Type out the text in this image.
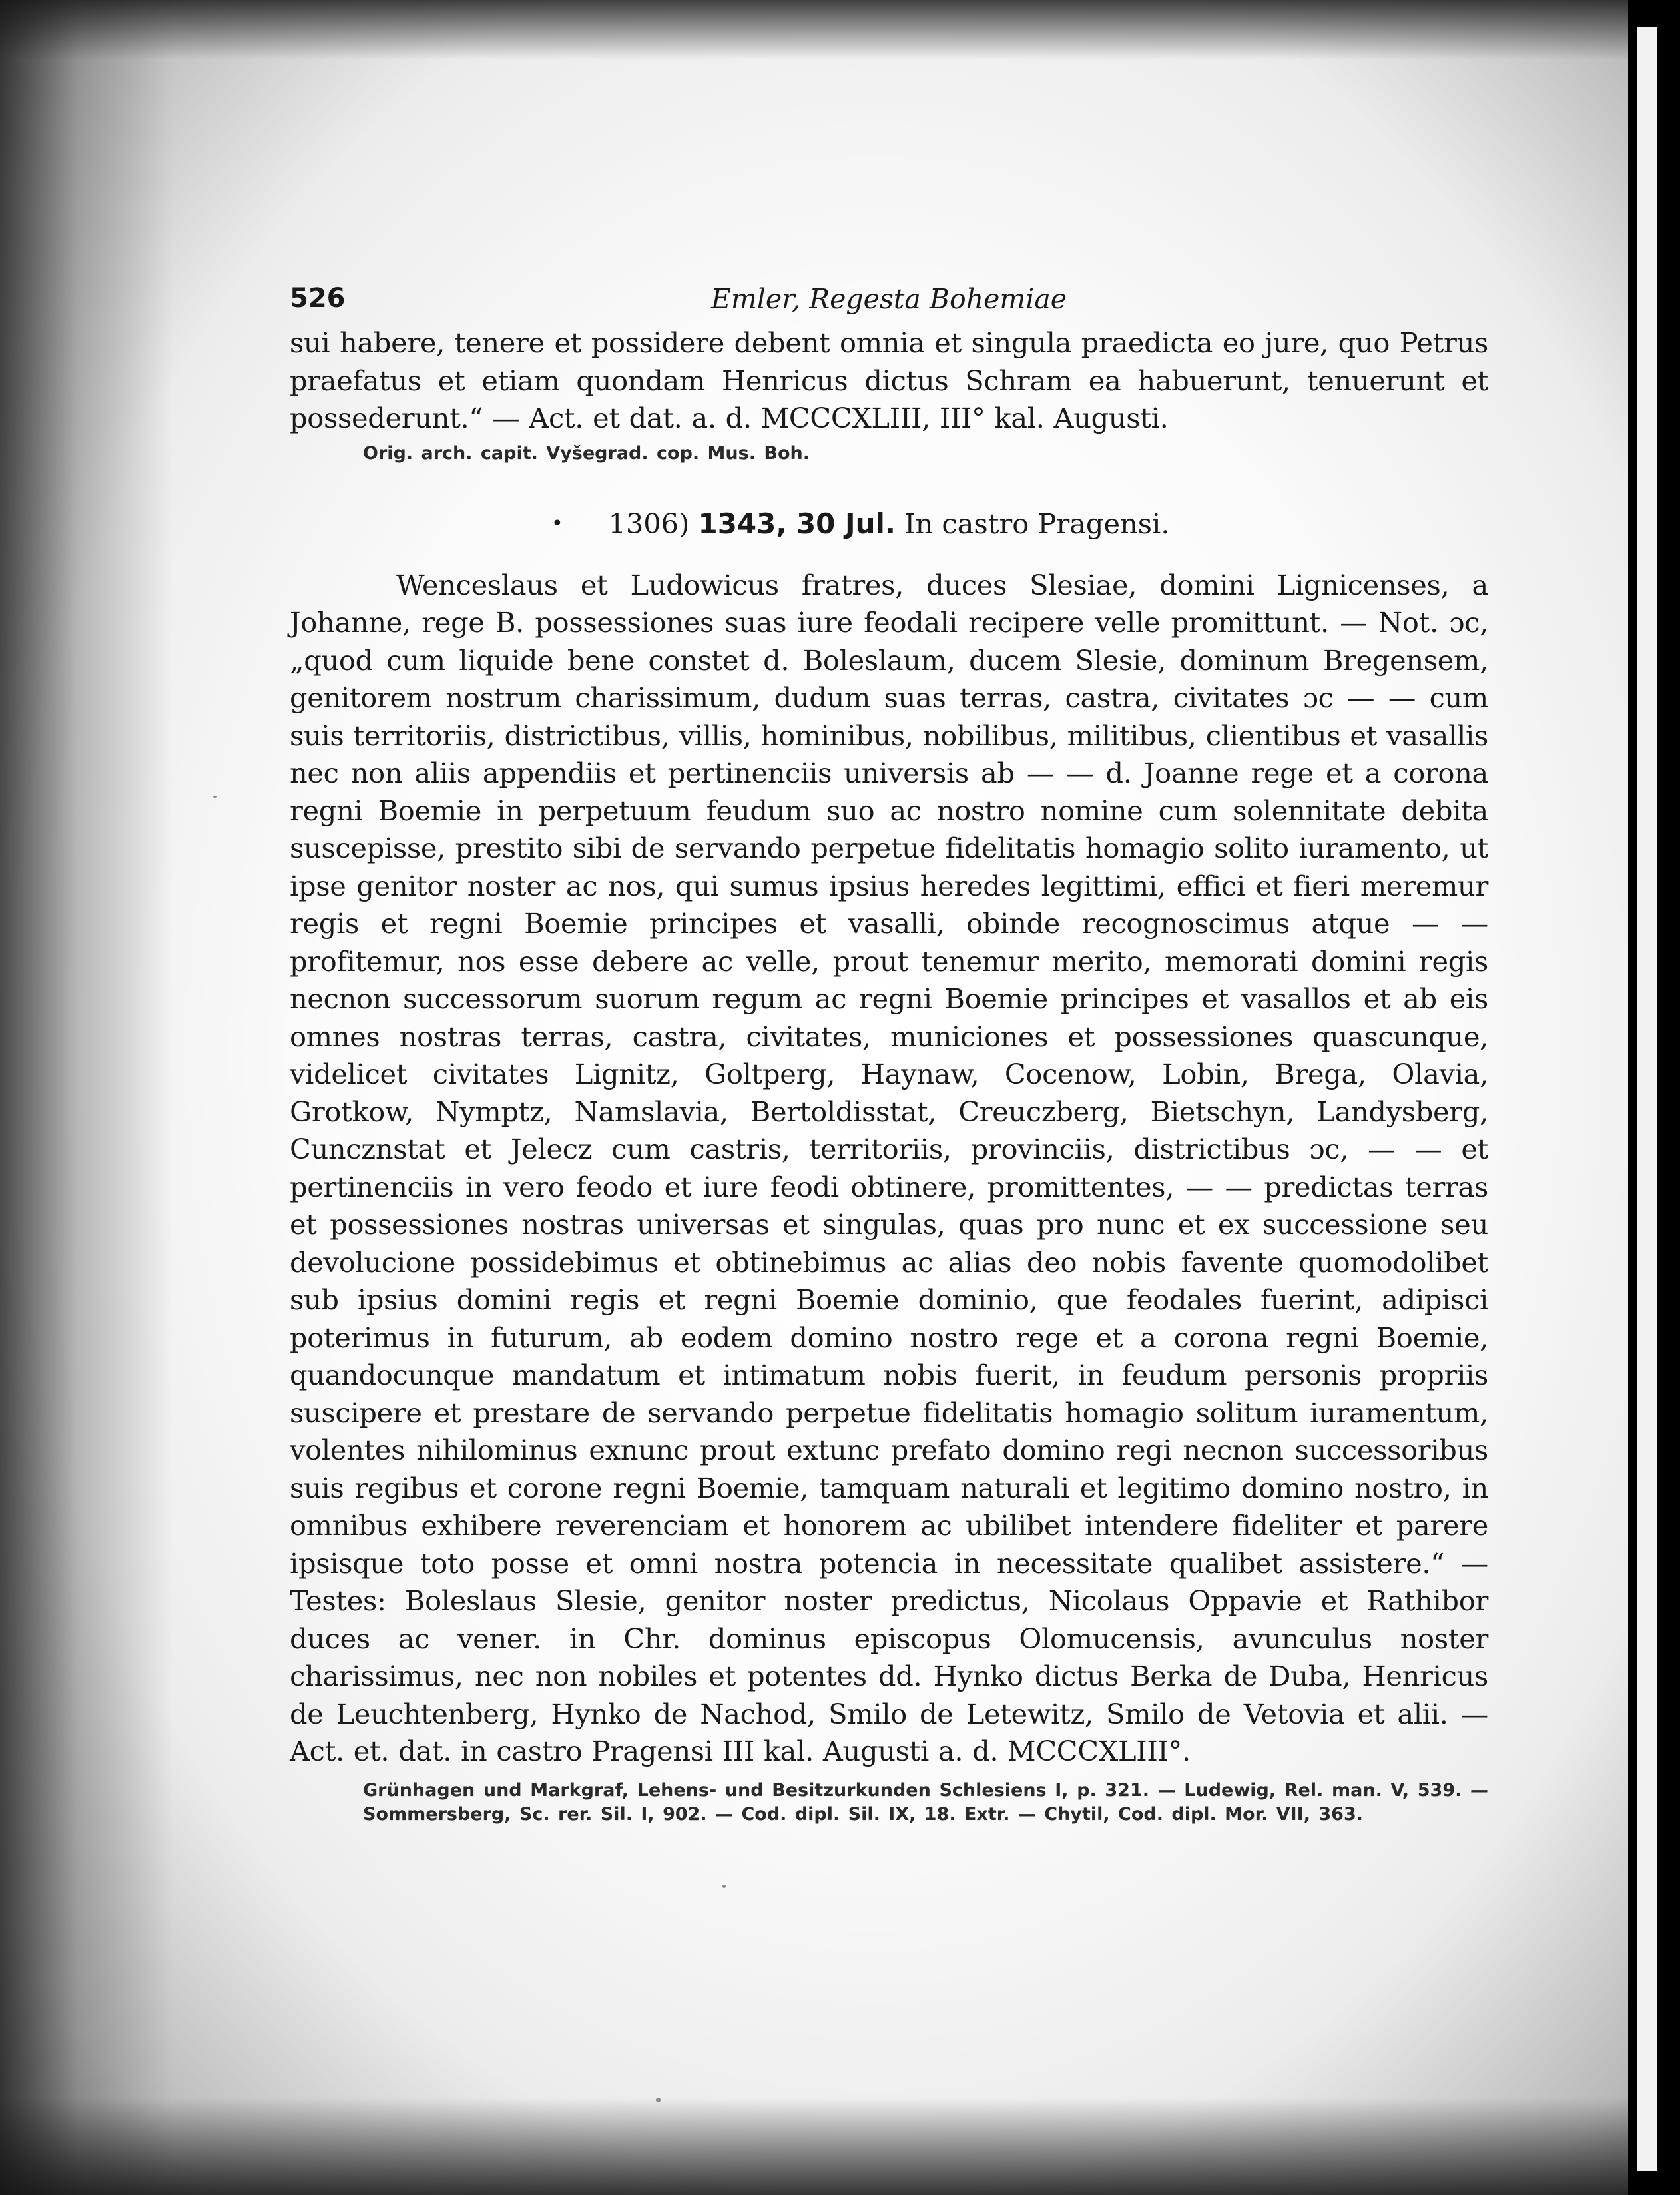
526	Emler, Regesta Bohemiae

sui habere, tenere et possidere debent omnia et singula praedicta eo jure, quo Petrus praefatus et etiam quondam Henricus dictus Schram ea habuerunt, tenuerunt et possederunt.“ — Act. et dat. a. d. MCCCXLIII, III° kal. Augusti.

Orig. arch. capit. Vyšegrad. cop. Mus. Boh.

• 1306) 1343, 30 Jul. In castro Pragensi.

Wenceslaus et Ludowicus fratres, duces Slesiae, domini Lignicenses, a Johanne, rege B. possessiones suas iure feodali recipere velle promittunt. — Not. ɔc, „quod cum liquide bene constet d. Boleslaum, ducem Slesie, dominum Bregensem, genitorem nostrum charissimum, dudum suas terras, castra, civitates ɔc — — cum suis territoriis, districtibus, villis, hominibus, nobilibus, militibus, clientibus et vasallis nec non aliis appendiis et pertinenciis universis ab — — d. Joanne rege et a corona regni Boemie in perpetuum feudum suo ac nostro nomine cum solennitate debita suscepisse, prestito sibi de servando perpetue fidelitatis homagio solito iuramento, ut ipse genitor noster ac nos, qui sumus ipsius heredes legittimi, effici et fieri meremur regis et regni Boemie principes et vasalli, obinde recognoscimus atque — — profitemur, nos esse debere ac velle, prout tenemur merito, memorati domini regis necnon successorum suorum regum ac regni Boemie principes et vasallos et ab eis omnes nostras terras, castra, civitates, municiones et possessiones quascunque, videlicet civitates Lignitz, Goltperg, Haynaw, Cocenow, Lobin, Brega, Olavia, Grotkow, Nymptz, Namslavia, Bertoldisstat, Creuczberg, Bietschyn, Landysberg, Cuncznstat et Jelecz cum castris, territoriis, provinciis, districtibus ɔc, — — et pertinenciis in vero feodo et iure feodi obtinere, promittentes, — — predictas terras et possessiones nostras universas et singulas, quas pro nunc et ex successione seu devolucione possidebimus et obtinebimus ac alias deo nobis favente quomodolibet sub ipsius domini regis et regni Boemie dominio, que feodales fuerint, adipisci poterimus in futurum, ab eodem domino nostro rege et a corona regni Boemie, quandocunque mandatum et intimatum nobis fuerit, in feudum personis propriis suscipere et prestare de servando perpetue fidelitatis homagio solitum iuramentum, volentes nihilominus exnunc prout extunc prefato domino regi necnon successoribus suis regibus et corone regni Boemie, tamquam naturali et legitimo domino nostro, in omnibus exhibere reverenciam et honorem ac ubilibet intendere fideliter et parere ipsisque toto posse et omni nostra potencia in necessitate qualibet assistere.“ — Testes: Boleslaus Slesie, genitor noster predictus, Nicolaus Oppavie et Rathibor duces ac vener. in Chr. dominus episcopus Olomucensis, avunculus noster charissimus, nec non nobiles et potentes dd. Hynko dictus Berka de Duba, Henricus de Leuchtenberg, Hynko de Nachod, Smilo de Letewitz, Smilo de Vetovia et alii. — Act. et. dat. in castro Pragensi III kal. Augusti a. d. MCCCXLIII°.

Grünhagen und Markgraf, Lehens- und Besitzurkunden Schlesiens I, p. 321. — Ludewig, Rel. man. V, 539. — Sommersberg, Sc. rer. Sil. I, 902. — Cod. dipl. Sil. IX, 18. Extr. — Chytil, Cod. dipl. Mor. VII, 363.
